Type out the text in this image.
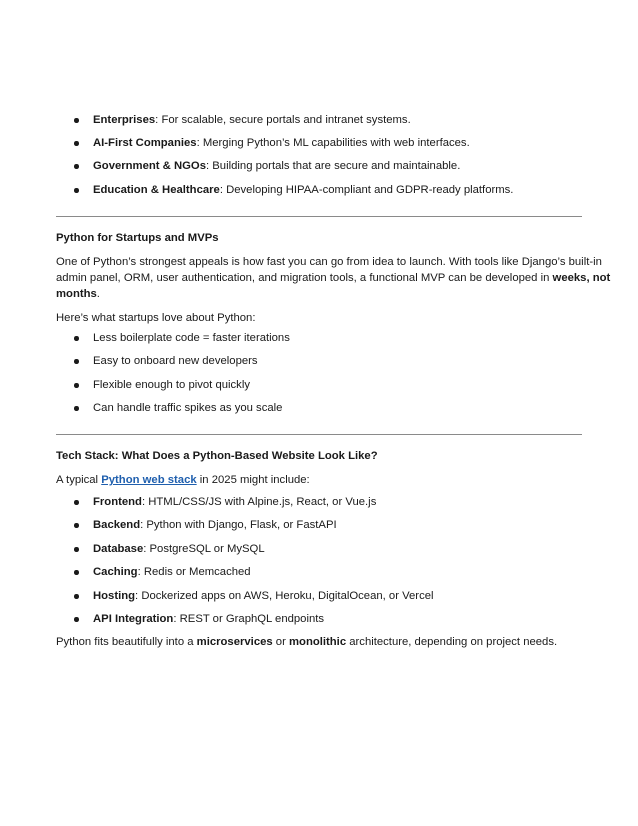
Enterprises: For scalable, secure portals and intranet systems.
AI-First Companies: Merging Python’s ML capabilities with web interfaces.
Government & NGOs: Building portals that are secure and maintainable.
Education & Healthcare: Developing HIPAA-compliant and GDPR-ready platforms.
Python for Startups and MVPs
One of Python’s strongest appeals is how fast you can go from idea to launch. With tools like Django’s built-in
admin panel, ORM, user authentication, and migration tools, a functional MVP can be developed in weeks, not
months.
Here’s what startups love about Python:
Less boilerplate code = faster iterations
Easy to onboard new developers
Flexible enough to pivot quickly
Can handle traffic spikes as you scale
Tech Stack: What Does a Python-Based Website Look Like?
A typical Python web stack in 2025 might include:
Frontend: HTML/CSS/JS with Alpine.js, React, or Vue.js
Backend: Python with Django, Flask, or FastAPI
Database: PostgreSQL or MySQL
Caching: Redis or Memcached
Hosting: Dockerized apps on AWS, Heroku, DigitalOcean, or Vercel
API Integration: REST or GraphQL endpoints
Python fits beautifully into a microservices or monolithic architecture, depending on project needs.
